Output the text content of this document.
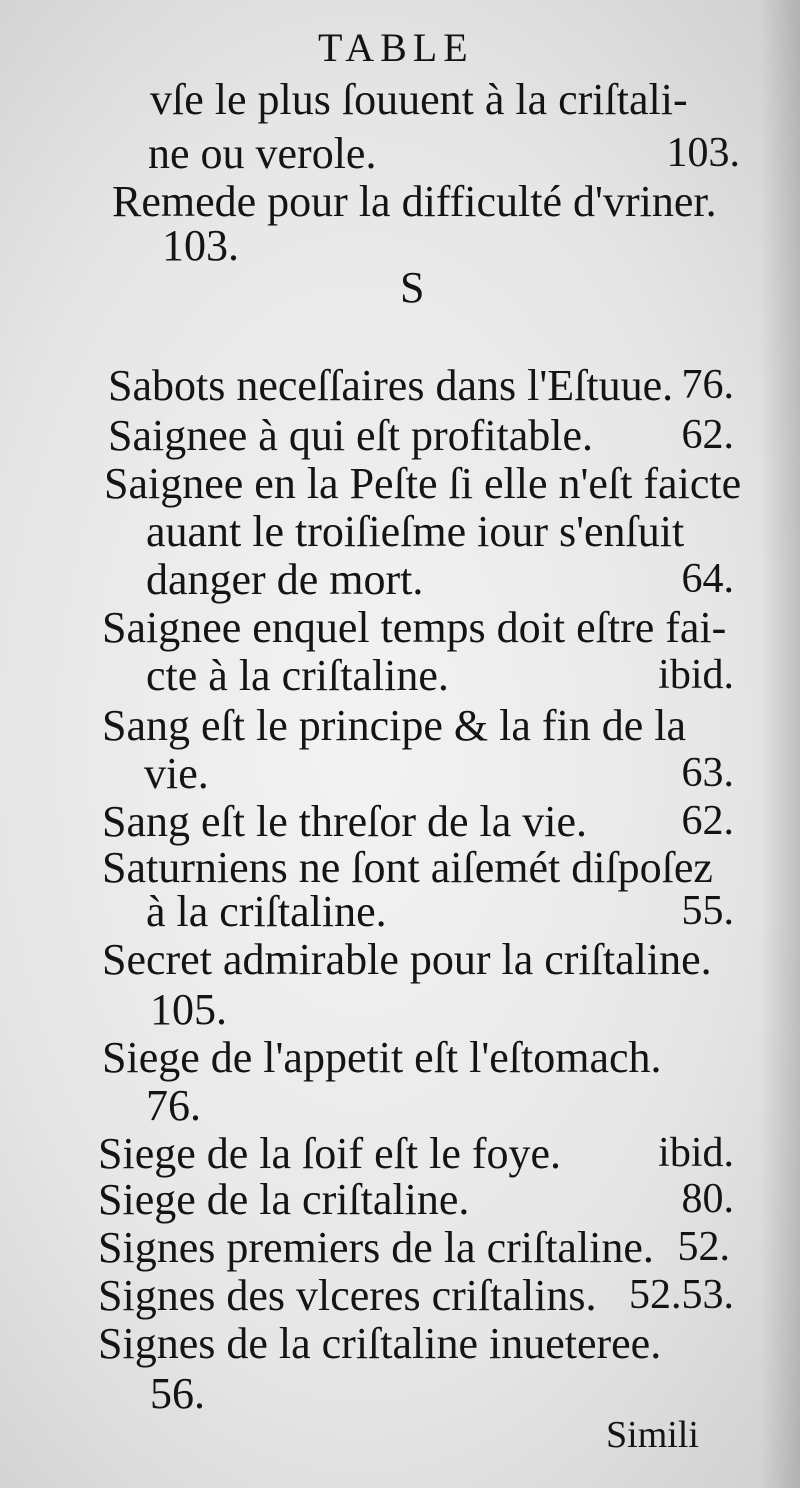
TABLE
vſe le plus ſouuent à la criſtali-
ne ou verole.	103.
Remede pour la difficulté d'vriner.
103.
S
Sabots neceſſaires dans l'Eſtuue. 76.
Saignee à qui eſt profitable. 62.
Saignee en la Peſte ſi elle n'eſt faicte
auant le troiſieſme iour s'enſuit
danger de mort.	64.
Saignee enquel temps doit eſtre fai-
cte à la criſtaline.	ibid.
Sang eſt le principe & la fin de la
vie.	63.
Sang eſt le threſor de la vie. 62.
Saturniens ne ſont aiſemét diſpoſez
à la criſtaline.	55.
Secret admirable pour la criſtaline.
105.
Siege de l'appetit eſt l'eſtomach.
76.
Siege de la ſoif eſt le foye. ibid.
Siege de la criſtaline.	80.
Signes premiers de la criſtaline. 52.
Signes des vlceres criſtalins. 52.53.
Signes de la criſtaline inueteree.
56.
Simili
